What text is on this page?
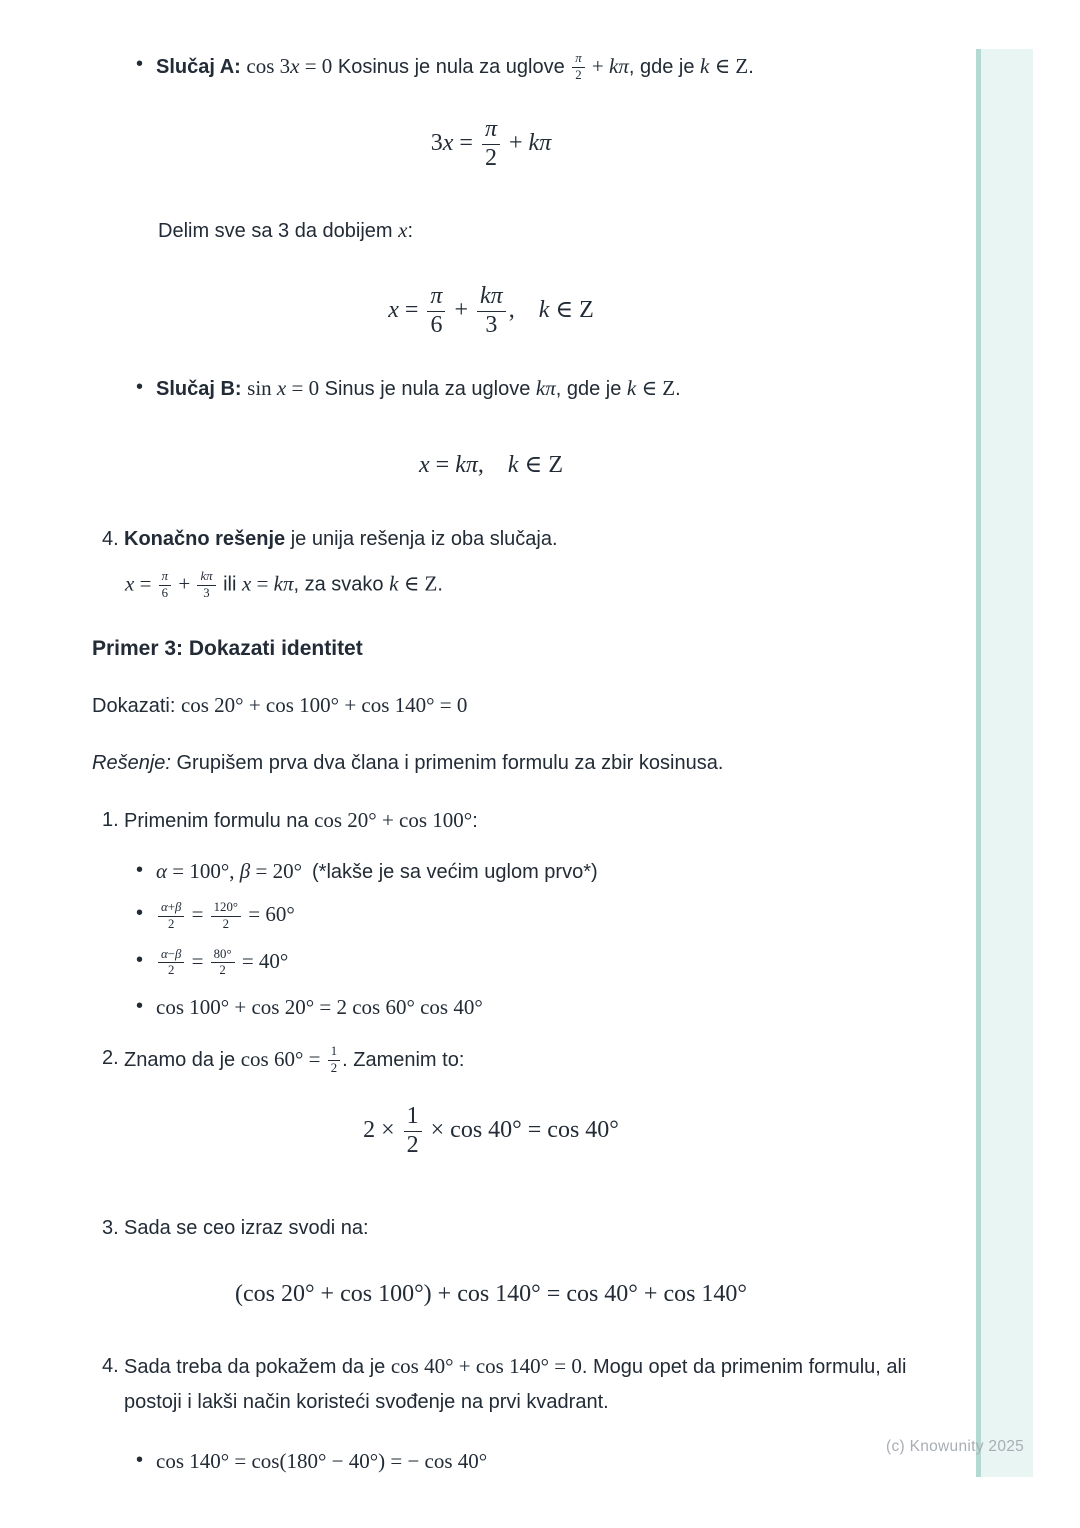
(c) Knowunity 2025
• Slučaj A: cos 3x = 0 Kosinus je nula za uglove $\frac{\pi}{2} + k\pi$, gde je k ∈ Z.
$3x = \frac{\pi}{2} + k\pi$
Delim sve sa 3 da dobijem x:
$x = \frac{\pi}{6} + \frac{k\pi}{3}$ , k ∈ Z
• Slučaj B: sin x = 0 Sinus je nula za uglove kπ, gde je k ∈ Z.
x = kπ, k ∈ Z
4. Konačno rešenje je unija rešenja iz oba slučaja.
$x = \frac{\pi}{6} + \frac{k\pi}{3}$ ili x = kπ, za svako k ∈ Z.
Primer 3: Dokazati identitet
Dokazati: cos 20° + cos 100° + cos 140° = 0
Rešenje: Grupišem prva dva člana i primenim formulu za zbir kosinusa.
1. Primenim formulu na cos 20° + cos 100°:
• α = 100°, β = 20° (*lakše je sa većim uglom prvo*)
• $\frac{\alpha+\beta}{2} = \frac{120^\circ}{2} = 60^\circ$
• $\frac{\alpha-\beta}{2} = \frac{80^\circ}{2} = 40^\circ$
• cos 100° + cos 20° = 2 cos 60° cos 40°
2. Znamo da je $\cos 60^\circ = \frac{1}{2}$ . Zamenim to:
$2 \times \frac{1}{2} \times \cos 40^\circ = \cos 40^\circ$
3. Sada se ceo izraz svodi na:
(cos 20° + cos 100°) + cos 140° = cos 40° + cos 140°
4. Sada treba da pokažem da je cos 40° + cos 140° = 0. Mogu opet da primenim formulu, ali postoji i lakši način koristeći svođenje na prvi kvadrant.
• cos 140° = cos(180° − 40°) = − cos 40°
